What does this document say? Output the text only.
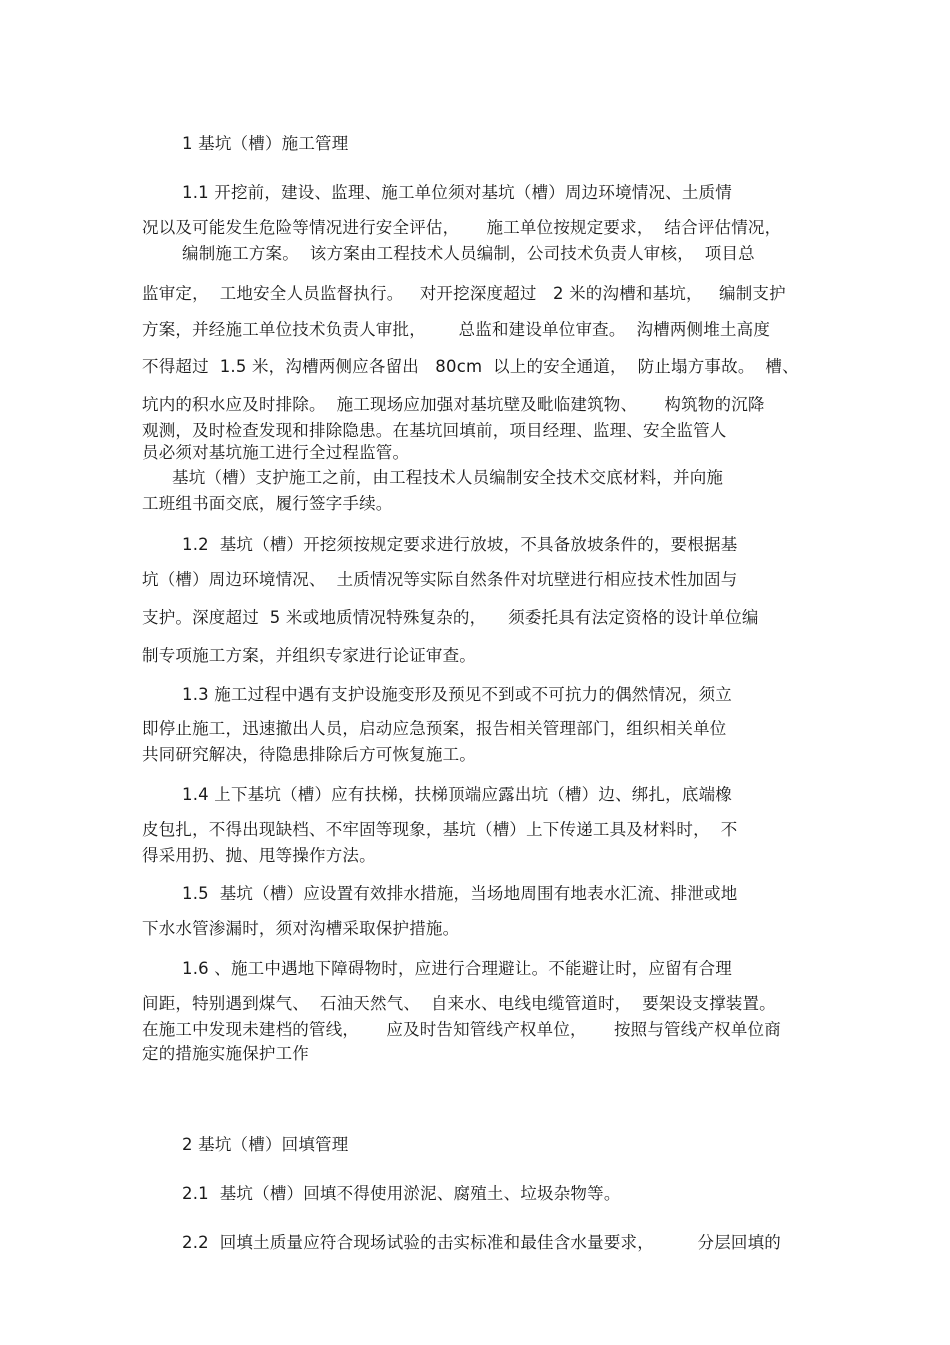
1 基坑（槽）施工管理
1.1 开挖前，建设、监理、施工单位须对基坑（槽）周边环境情况、土质情
况以及可能发生危险等情况进行安全评估，     施工单位按规定要求，  结合评估情况，
编制施工方案。  该方案由工程技术人员编制，公司技术负责人审核，  项目总
监审定，  工地安全人员监督执行。   对开挖深度超过   2 米的沟槽和基坑，   编制支护
方案，并经施工单位技术负责人审批，      总监和建设单位审查。  沟槽两侧堆土高度
不得超过  1.5 米，沟槽两侧应各留出   80cm  以上的安全通道，  防止塌方事故。  槽、
坑内的积水应及时排除。  施工现场应加强对基坑壁及毗临建筑物、     构筑物的沉降
观测，及时检查发现和排除隐患。在基坑回填前，项目经理、监理、安全监管人
员必须对基坑施工进行全过程监管。
基坑（槽）支护施工之前，由工程技术人员编制安全技术交底材料，并向施
工班组书面交底，履行签字手续。
1.2  基坑（槽）开挖须按规定要求进行放坡，不具备放坡条件的，要根据基
坑（槽）周边环境情况、  土质情况等实际自然条件对坑壁进行相应技术性加固与
支护。深度超过  5 米或地质情况特殊复杂的，    须委托具有法定资格的设计单位编
制专项施工方案，并组织专家进行论证审查。
1.3 施工过程中遇有支护设施变形及预见不到或不可抗力的偶然情况，须立
即停止施工，迅速撤出人员，启动应急预案，报告相关管理部门，组织相关单位
共同研究解决，待隐患排除后方可恢复施工。
1.4 上下基坑（槽）应有扶梯，扶梯顶端应露出坑（槽）边、绑扎，底端橡
皮包扎，不得出现缺档、不牢固等现象，基坑（槽）上下传递工具及材料时，  不
得采用扔、抛、甩等操作方法。
1.5  基坑（槽）应设置有效排水措施，当场地周围有地表水汇流、排泄或地
下水水管渗漏时，须对沟槽采取保护措施。
1.6 、施工中遇地下障碍物时，应进行合理避让。不能避让时，应留有合理
间距，特别遇到煤气、  石油天然气、  自来水、电线电缆管道时，  要架设支撑装置。
在施工中发现未建档的管线，     应及时告知管线产权单位，     按照与管线产权单位商
定的措施实施保护工作
2 基坑（槽）回填管理
2.1  基坑（槽）回填不得使用淤泥、腐殖土、垃圾杂物等。
2.2  回填土质量应符合现场试验的击实标准和最佳含水量要求，        分层回填的
